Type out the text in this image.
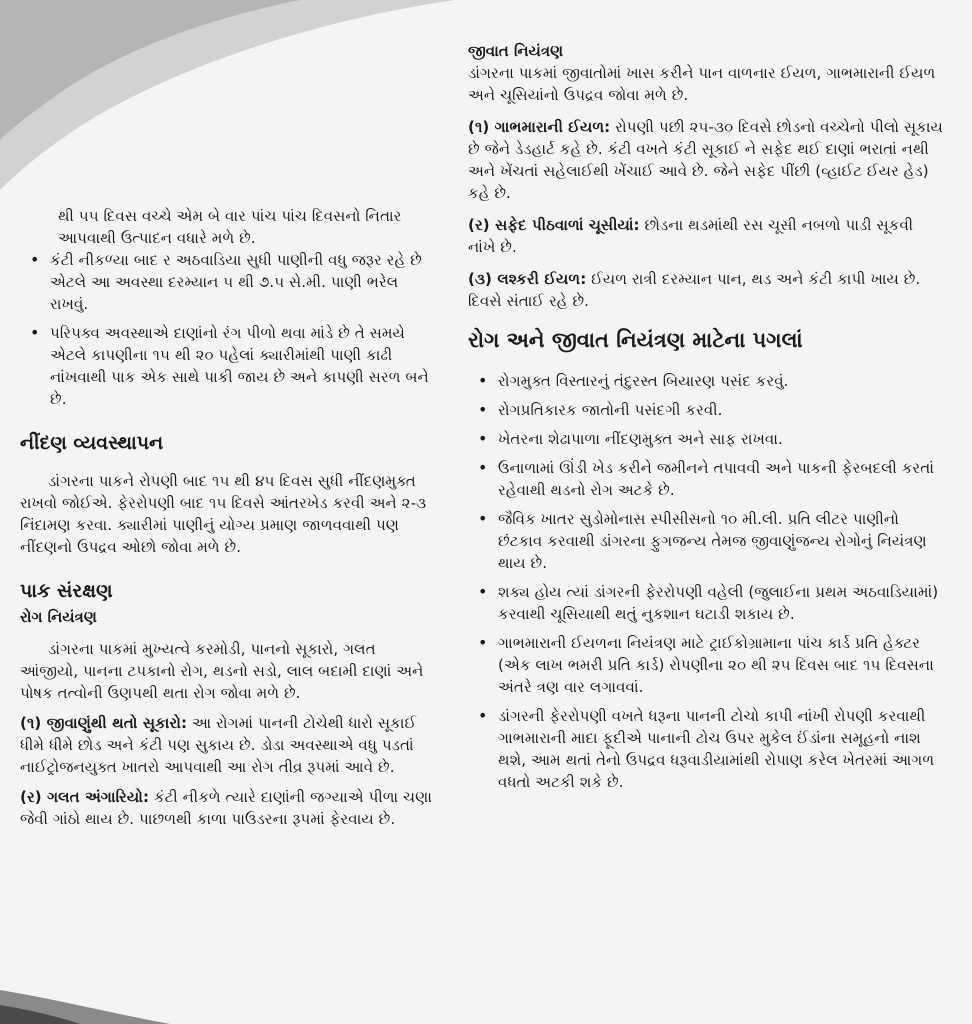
થી ૫૫ દિવસ વચ્ચે એમ બે વાર પાંચ પાંચ દિવસનો નિતાર આપવાથી ઉત્પાદન વધારે મળે છે.

• કંટી નીકળ્યા બાદ ર અઠવાડિયા સુધી પાણીની વધુ જરૂર રહે છે એટલે આ અવસ્થા દરમ્યાન ૫ થી ૭.૫ સે.મી. પાણી ભરેલ રાખવું.
• પરિપક્વ અવસ્થાએ દાણાંનો રંગ પીળો થવા માંડે છે તે સમયે એટલે કાપણીના ૧૫ થી ૨૦ પહેલાં ક્યારીમાંથી પાણી કાઢી નાંખવાથી પાક એક સાથે પાકી જાય છે અને કાપણી સરળ બને છે.
નીંદણ વ્યવસ્થાપન

ડાંગરના પાકને રોપણી બાદ ૧૫ થી ૪૫ દિવસ સુધી નીંદણમુક્ત રાખવો જોઈએ. ફેરરોપણી બાદ ૧૫ દિવસે આંતરખેડ કરવી અને ૨-૩ નિંદામણ કરવા. ક્યારીમાં પાણીનું યોગ્ય પ્રમાણ જાળવવાથી પણ નીંદણનો ઉપદ્રવ ઓછો જોવા મળે છે.

પાક સંરક્ષણ
રોગ નિયંત્રણ

ડાંગરના પાકમાં મુખ્યત્વે કરમોડી, પાનનો સૂકારો, ગલત આંજીયો, પાનના ટપકાનો રોગ, થડનો સડો, લાલ બદામી દાણાં અને પોષક તત્વોની ઉણપથી થતા રોગ જોવા મળે છે.

(૧) જીવાણુંથી થતો સૂકારો: આ રોગમાં પાનની ટોચેથી ધારો સૂકાઈ ધીમે ધીમે છોડ અને કંટી પણ સુકાય છે. ડોડા અવસ્થાએ વધુ પડતાં નાઈટ્રોજનયુક્ત ખાતરો આપવાથી આ રોગ તીવ્ર રૂપમાં આવે છે.

(ર) ગલત અંગારિયો: કંટી નીકળે ત્યારે દાણાંની જગ્યાએ પીળા ચણા જેવી ગાંઠો થાય છે. પાછળથી કાળા પાઉડરના રૂપમાં ફેરવાય છે.

જીવાત નિયંત્રણ

ડાંગરના પાકમાં જીવાતોમાં ખાસ કરીને પાન વાળનાર ઈયળ, ગાભમારાની ઈયળ અને ચૂસિયાંનો ઉપદ્રવ જોવા મળે છે.

(૧) ગાભમારાની ઈયળ: રોપણી પછી ૨૫-૩૦ દિવસે છોડનો વચ્ચેનો પીલો સૂકાય છે જેને ડેડહાર્ટ કહે છે. કંટી વખતે કંટી સૂકાઈ ને સફેદ થઈ દાણાં ભરાતાં નથી અને ખેંચતાં સહેલાઈથી ખેંચાઈ આવે છે. જેને સફેદ પીંછી (વ્હાઈટ ઈયર હેડ) કહે છે.

(ર) સફેદ પીઠવાળાં ચૂસીયાં: છોડના થડમાંથી રસ ચૂસી નબળો પાડી સૂકવી નાંખે છે.

(૩) લશ્કરી ઈયળ: ઈયળ રાત્રી દરમ્યાન પાન, થડ અને કંટી કાપી ખાય છે. દિવસે સંતાઈ રહે છે.

રોગ અને જીવાત નિયંત્રણ માટેના પગલાં
• રોગમુક્ત વિસ્તારનું તંદુરસ્ત બિયારણ પસંદ કરવું.
• રોગપ્રતિકારક જાતોની પસંદગી કરવી.
• ખેતરના શેઢાપાળા નીંદણમુક્ત અને સાફ રાખવા.
• ઉનાળામાં ઊંડી ખેડ કરીને જમીનને તપાવવી અને પાકની ફેરબદલી કરતાં રહેવાથી થડનો રોગ અટકે છે.
• જૈવિક ખાતર સુડોમોનાસ સ્પીસીસનો ૧૦ મી.લી. પ્રતિ લીટર પાણીનો છંટકાવ કરવાથી ડાંગરના ફુગજન્ય તેમજ જીવાણુંજન્ય રોગોનું નિયંત્રણ થાય છે.
• શક્ય હોય ત્યાં ડાંગરની ફેરરોપણી વહેલી (જુલાઈના પ્રથમ અઠવાડિયામાં) કરવાથી ચૂસિયાથી થતું નુકશાન ઘટાડી શકાય છે.
• ગાભમારાની ઈયળના નિયંત્રણ માટે ટ્રાઈકોગ્રામાના પાંચ કાર્ડ પ્રતિ હેક્ટર (એક લાખ ભમરી પ્રતિ કાર્ડ) રોપણીના ૨૦ થી ૨૫ દિવસ બાદ ૧૫ દિવસના અંતરે ત્રણ વાર લગાવવાં.
• ડાંગરની ફેરરોપણી વખતે ધરૂના પાનની ટોચો કાપી નાંખી રોપણી કરવાથી ગાભમારાની માદા ફૂદીએ પાનાની ટોચ ઉપર મુકેલ ઈંડાંના સમૂહનો નાશ થશે, આમ થતાં તેનો ઉપદ્રવ ધરૂવાડીયામાંથી રોપાણ કરેલ ખેતરમાં આગળ વધતો અટકી શકે છે.
